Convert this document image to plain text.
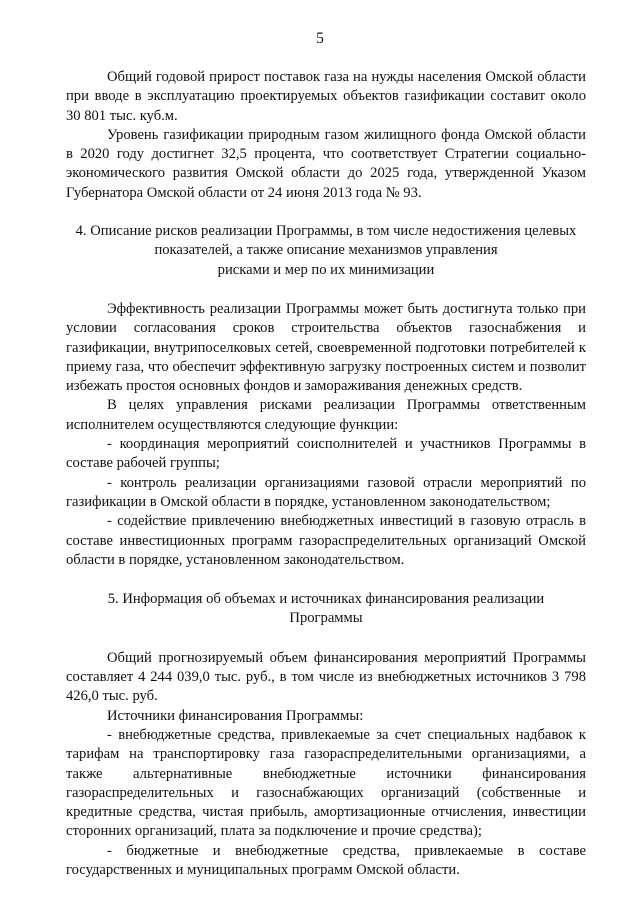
5

Общий годовой прирост поставок газа на нужды населения Омской области при вводе в эксплуатацию проектируемых объектов газификации составит около 30 801 тыс. куб.м.

Уровень газификации природным газом жилищного фонда Омской области в 2020 году достигнет 32,5 процента, что соответствует Стратегии социально-экономического развития Омской области до 2025 года, утвержденной Указом Губернатора Омской области от 24 июня 2013 года № 93.

4. Описание рисков реализации Программы, в том числе недостижения целевых
показателей, а также описание механизмов управления
рисками и мер по их минимизации

Эффективность реализации Программы может быть достигнута только при условии согласования сроков строительства объектов газоснабжения и газификации, внутрипоселковых сетей, своевременной подготовки потребителей к приему газа, что обеспечит эффективную загрузку построенных систем и позволит избежать простоя основных фондов и замораживания денежных средств.

В целях управления рисками реализации Программы ответственным исполнителем осуществляются следующие функции:

- координация мероприятий соисполнителей и участников Программы в составе рабочей группы;

- контроль реализации организациями газовой отрасли мероприятий по газификации в Омской области в порядке, установленном законодательством;

- содействие привлечению внебюджетных инвестиций в газовую отрасль в составе инвестиционных программ газораспределительных организаций Омской области в порядке, установленном законодательством.

5. Информация об объемах и источниках финансирования реализации
Программы

Общий прогнозируемый объем финансирования мероприятий Программы составляет 4 244 039,0 тыс. руб., в том числе из внебюджетных источников 3 798 426,0 тыс. руб.

Источники финансирования Программы:

- внебюджетные средства, привлекаемые за счет специальных надбавок к тарифам на транспортировку газа газораспределительными организациями, а также альтернативные внебюджетные источники финансирования газораспределительных и газоснабжающих организаций (собственные и кредитные средства, чистая прибыль, амортизационные отчисления, инвестиции сторонних организаций, плата за подключение и прочие средства);

- бюджетные и внебюджетные средства, привлекаемые в составе государственных и муниципальных программ Омской области.
